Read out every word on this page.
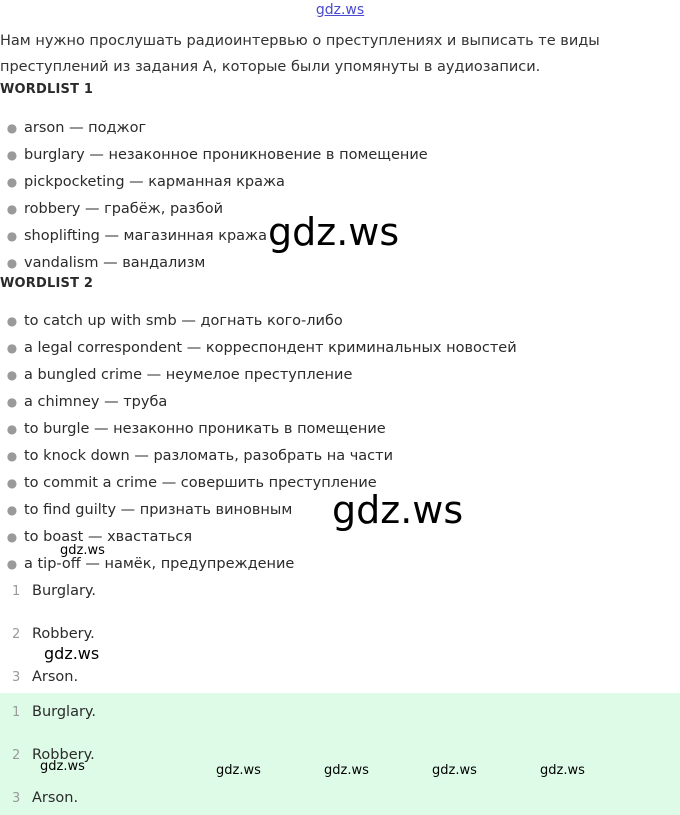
gdz.ws
Нам нужно прослушать радиоинтервью о преступлениях и выписать те виды преступлений из задания А, которые были упомянуты в аудиозаписи.
WORDLIST 1
● arson — поджог
● burglary — незаконное проникновение в помещение
● pickpocketing — карманная кража
● robbery — грабёж, разбой
● shoplifting — магазинная кража
● vandalism — вандализм
WORDLIST 2
● to catch up with smb — догнать кого-либо
● a legal correspondent — корреспондент криминальных новостей
● a bungled crime — неумелое преступление
● a chimney — труба
● to burgle — незаконно проникать в помещение
● to knock down — разломать, разобрать на части
● to commit a crime — совершить преступление
● to find guilty — признать виновным
● to boast — хвастаться
● a tip-off — намёк, предупреждение
1 Burglary.
2 Robbery.
3 Arson.
1 Burglary.
2 Robbery.
3 Arson.
gdz.ws
gdz.ws
gdz.ws
gdz.ws
gdz.ws	gdz.ws	gdz.ws	gdz.ws	gdz.ws
